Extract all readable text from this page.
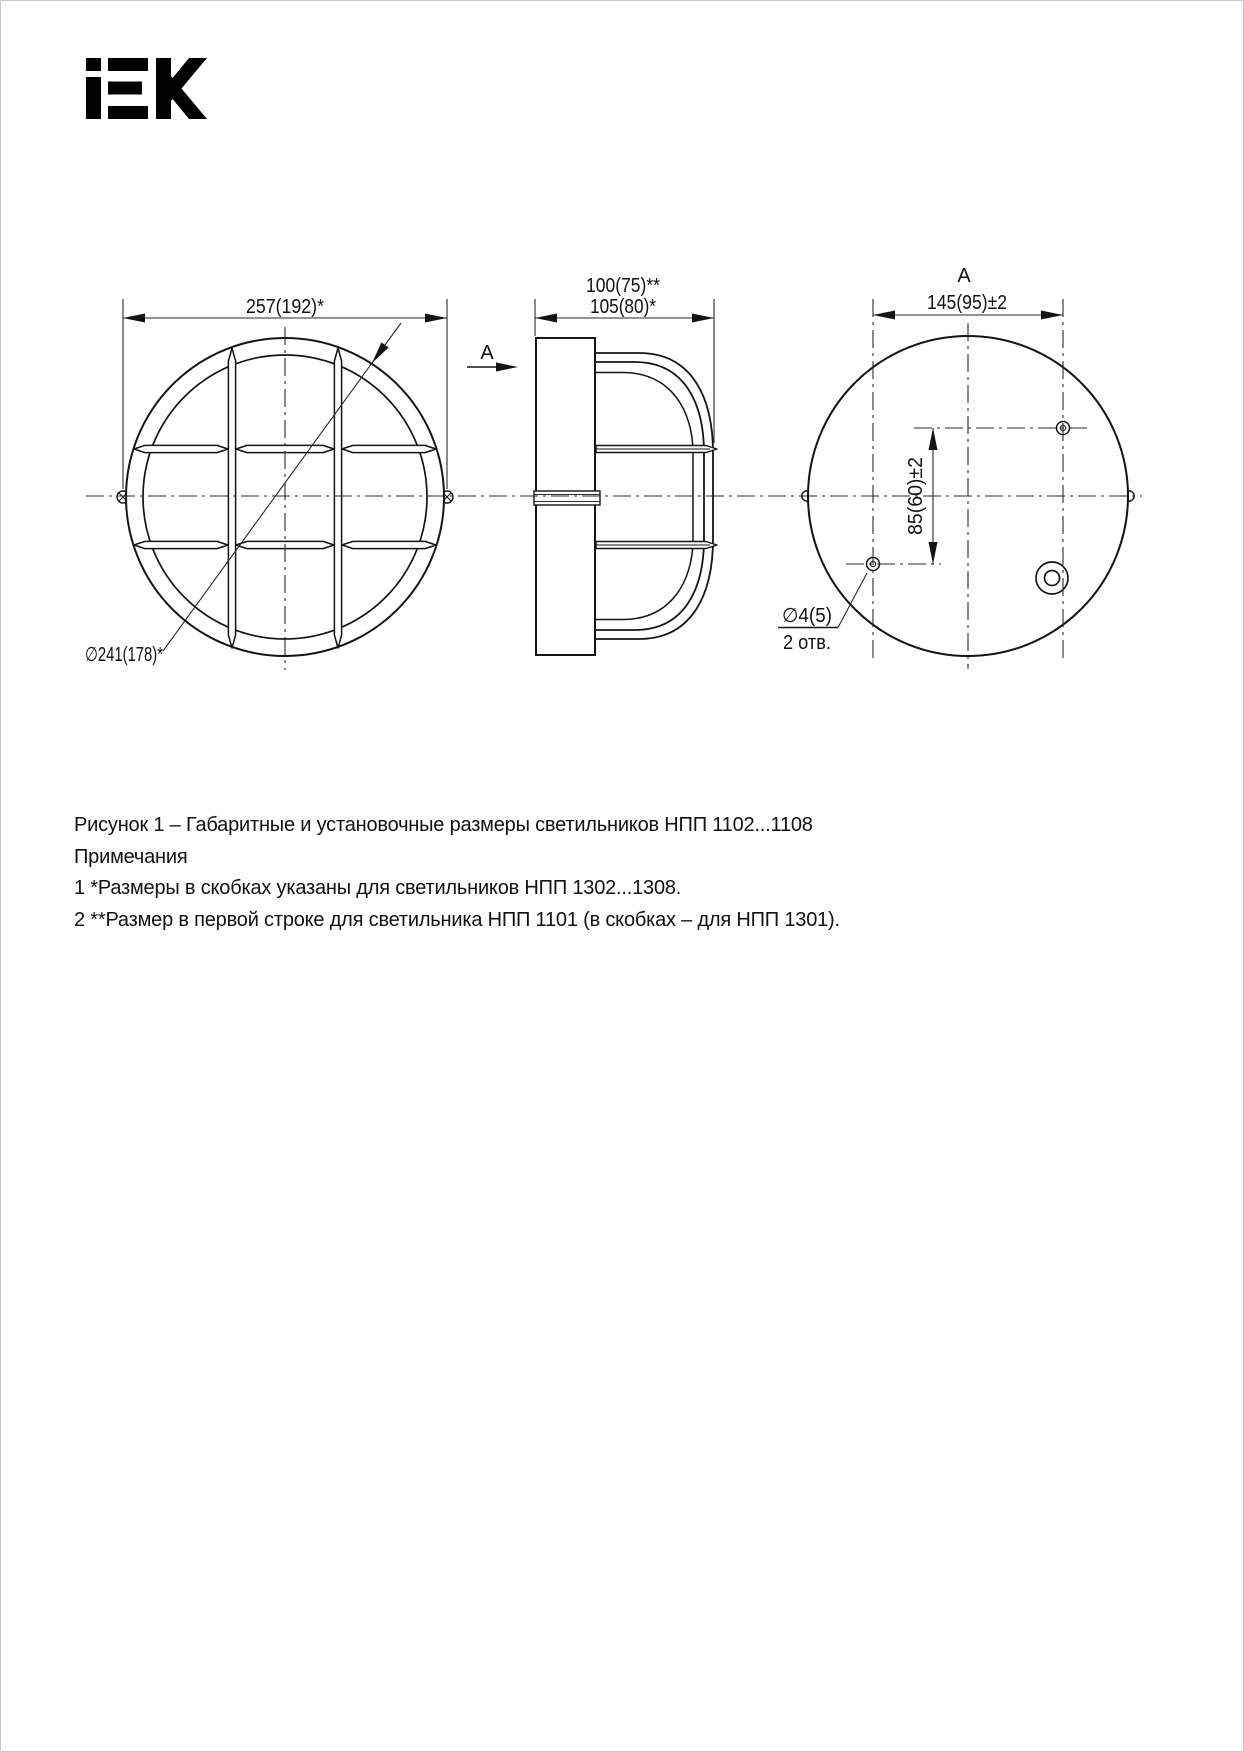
257(192)*
∅241(178)*
А
100(75)**
105(80)*
А
145(95)±2
85(60)±2
∅4(5)
2 отв.
Рисунок 1 – Габаритные и установочные размеры светильников НПП 1102...1108
Примечания
1 *Размеры в скобках указаны для светильников НПП 1302...1308.
2 **Размер в первой строке для светильника НПП 1101 (в скобках – для НПП 1301).
